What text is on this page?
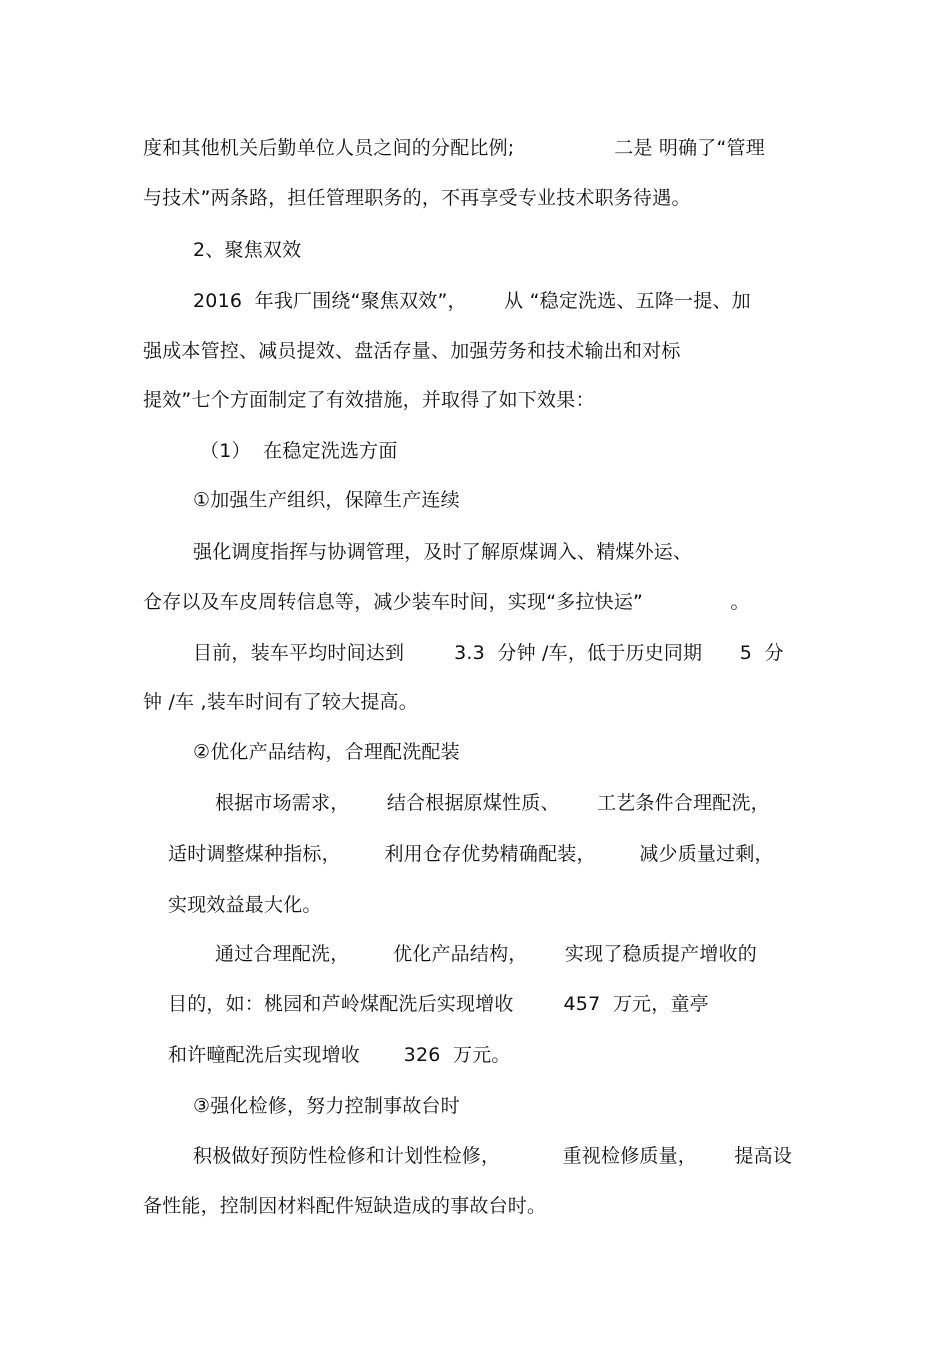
度和其他机关后勤单位人员之间的分配比例;                二是 明确了“管理
与技术”两条路，担任管理职务的，不再享受专业技术职务待遇。
2、聚焦双效
2016  年我厂围绕“聚焦双效”，      从 “稳定洗选、五降一提、加
强成本管控、减员提效、盘活存量、加强劳务和技术输出和对标
提效”七个方面制定了有效措施，并取得了如下效果：
（1）  在稳定洗选方面
①加强生产组织，保障生产连续
强化调度指挥与协调管理，及时了解原煤调入、精煤外运、
仓存以及车皮周转信息等，减少装车时间，实现“多拉快运”              。
目前，装车平均时间达到        3.3  分钟 /车，低于历史同期      5  分
钟 /车 ,装车时间有了较大提高。
②优化产品结构，合理配洗配装
根据市场需求，      结合根据原煤性质、      工艺条件合理配洗，
适时调整煤种指标，       利用仓存优势精确配装，       减少质量过剩，
实现效益最大化。
通过合理配洗，       优化产品结构，      实现了稳质提产增收的
目的，如：桃园和芦岭煤配洗后实现增收        457  万元，童亭
和许疃配洗后实现增收       326  万元。
③强化检修，努力控制事故台时
积极做好预防性检修和计划性检修，          重视检修质量，      提高设
备性能，控制因材料配件短缺造成的事故台时。
